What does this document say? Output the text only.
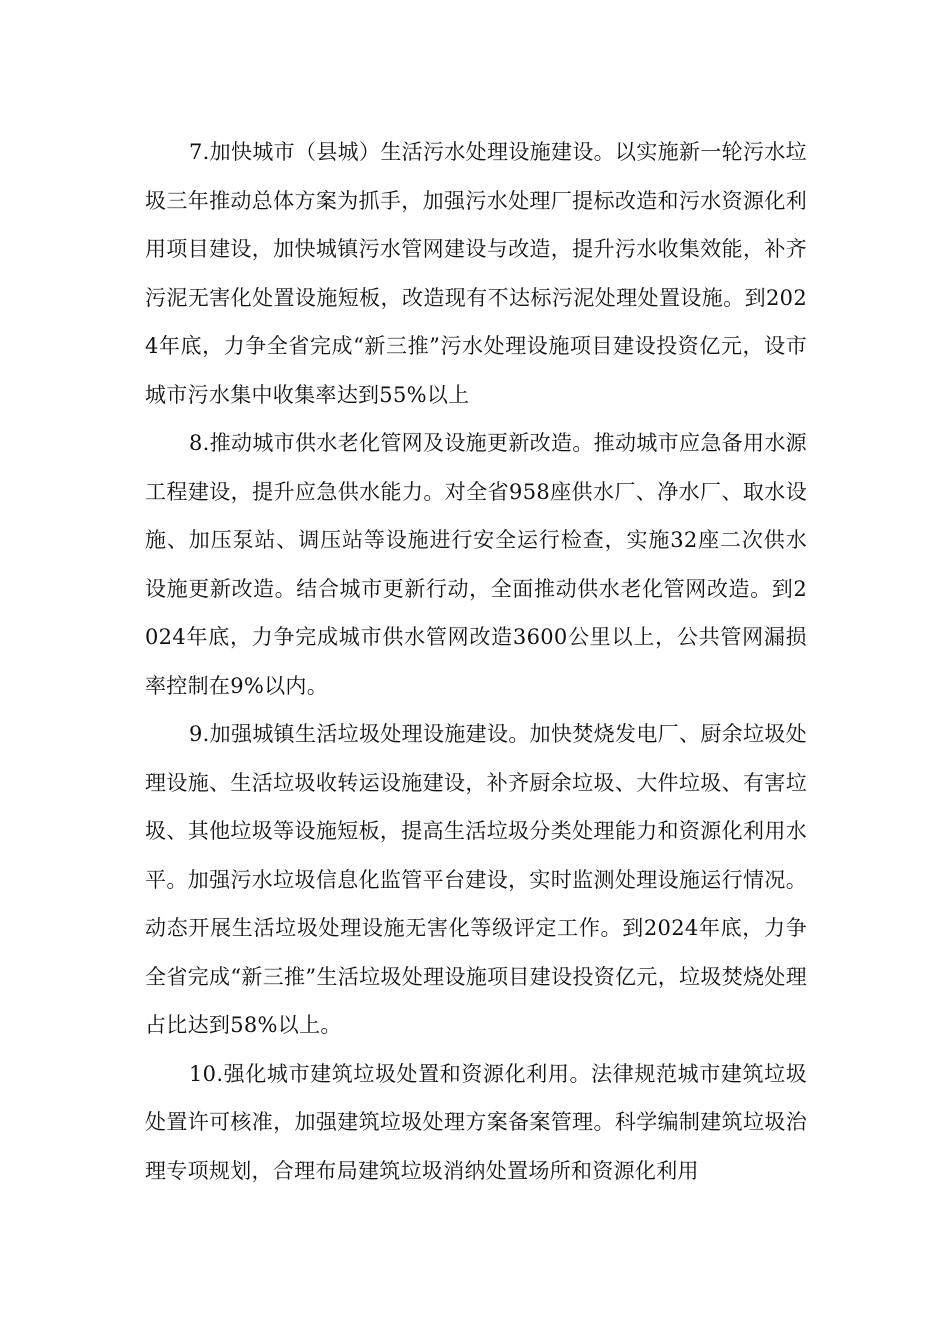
7.加快城市（县城）生活污水处理设施建设。以实施新一轮污水垃圾三年推动总体方案为抓手，加强污水处理厂提标改造和污水资源化利用项目建设，加快城镇污水管网建设与改造，提升污水收集效能，补齐污泥无害化处置设施短板，改造现有不达标污泥处理处置设施。到2024年底，力争全省完成“新三推”污水处理设施项目建设投资亿元，设市城市污水集中收集率达到55%以上

8.推动城市供水老化管网及设施更新改造。推动城市应急备用水源工程建设，提升应急供水能力。对全省958座供水厂、净水厂、取水设施、加压泵站、调压站等设施进行安全运行检查，实施32座二次供水设施更新改造。结合城市更新行动，全面推动供水老化管网改造。到2024年底，力争完成城市供水管网改造3600公里以上，公共管网漏损率控制在9%以内。

9.加强城镇生活垃圾处理设施建设。加快焚烧发电厂、厨余垃圾处理设施、生活垃圾收转运设施建设，补齐厨余垃圾、大件垃圾、有害垃圾、其他垃圾等设施短板，提高生活垃圾分类处理能力和资源化利用水平。加强污水垃圾信息化监管平台建设，实时监测处理设施运行情况。动态开展生活垃圾处理设施无害化等级评定工作。到2024年底，力争全省完成“新三推”生活垃圾处理设施项目建设投资亿元，垃圾焚烧处理占比达到58%以上。

10.强化城市建筑垃圾处置和资源化利用。法律规范城市建筑垃圾处置许可核准，加强建筑垃圾处理方案备案管理。科学编制建筑垃圾治理专项规划，合理布局建筑垃圾消纳处置场所和资源化利用
